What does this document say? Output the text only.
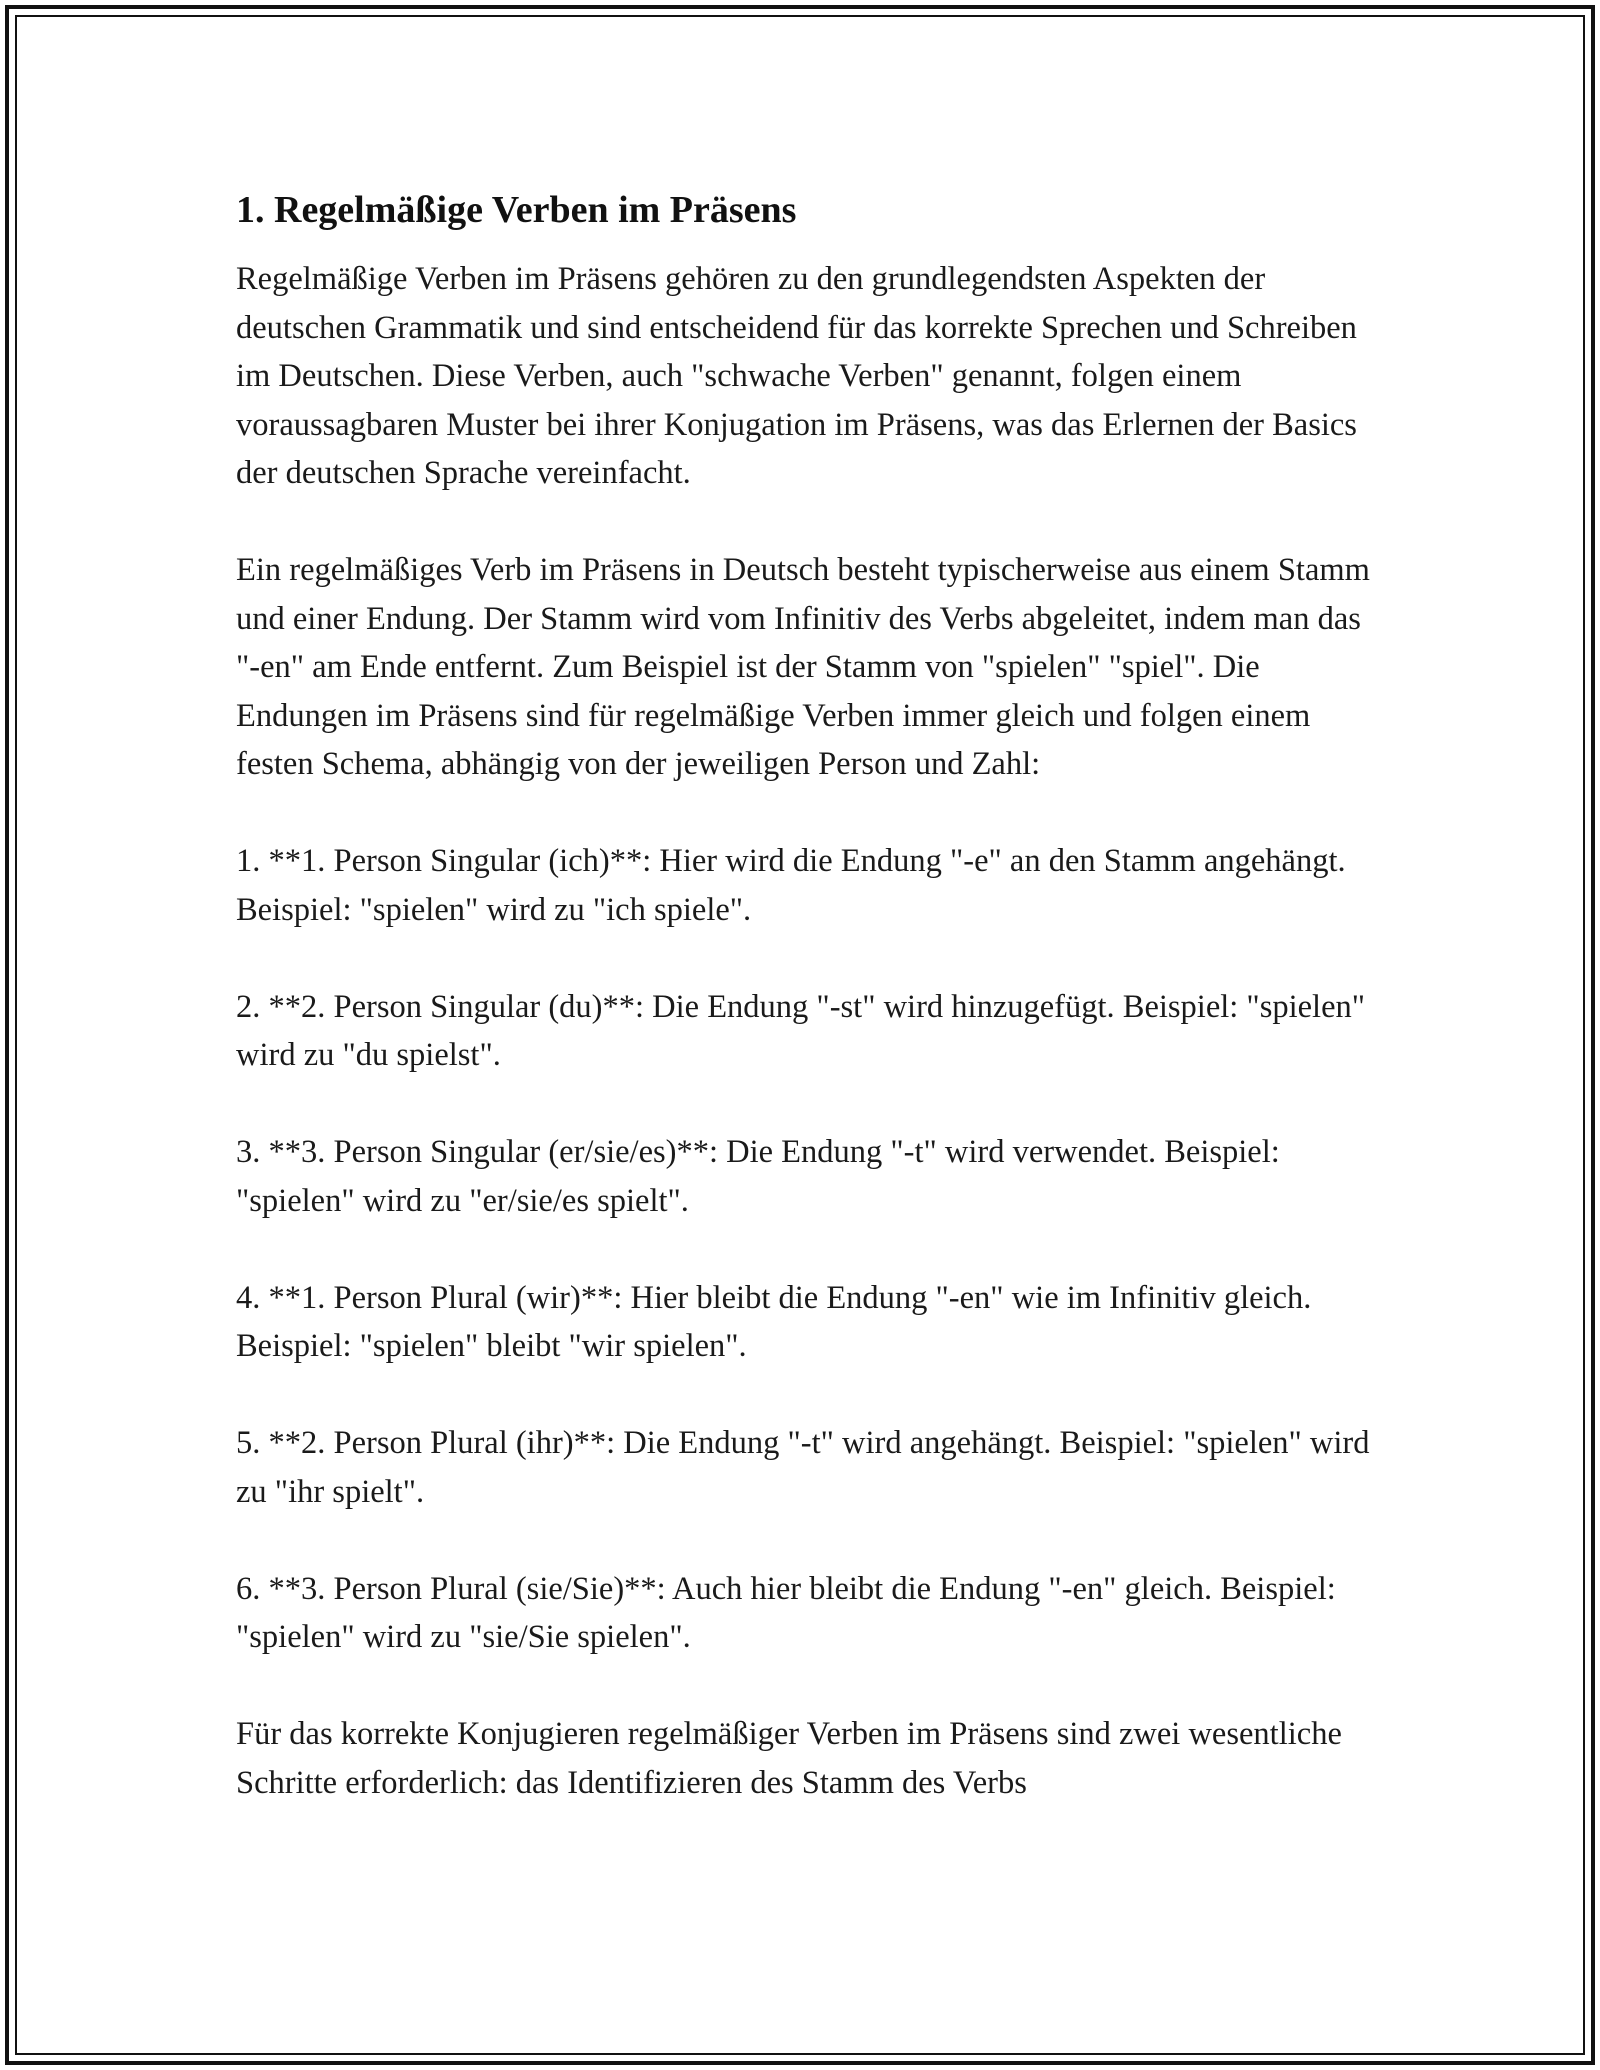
1. Regelmäßige Verben im Präsens

Regelmäßige Verben im Präsens gehören zu den grundlegendsten Aspekten der deutschen Grammatik und sind entscheidend für das korrekte Sprechen und Schreiben im Deutschen. Diese Verben, auch "schwache Verben" genannt, folgen einem voraussagbaren Muster bei ihrer Konjugation im Präsens, was das Erlernen der Basics der deutschen Sprache vereinfacht.

Ein regelmäßiges Verb im Präsens in Deutsch besteht typischerweise aus einem Stamm und einer Endung. Der Stamm wird vom Infinitiv des Verbs abgeleitet, indem man das "-en" am Ende entfernt. Zum Beispiel ist der Stamm von "spielen" "spiel". Die Endungen im Präsens sind für regelmäßige Verben immer gleich und folgen einem festen Schema, abhängig von der jeweiligen Person und Zahl:

1. **1. Person Singular (ich)**: Hier wird die Endung "-e" an den Stamm angehängt. Beispiel: "spielen" wird zu "ich spiele".

2. **2. Person Singular (du)**: Die Endung "-st" wird hinzugefügt. Beispiel: "spielen" wird zu "du spielst".

3. **3. Person Singular (er/sie/es)**: Die Endung "-t" wird verwendet. Beispiel: "spielen" wird zu "er/sie/es spielt".

4. **1. Person Plural (wir)**: Hier bleibt die Endung "-en" wie im Infinitiv gleich. Beispiel: "spielen" bleibt "wir spielen".

5. **2. Person Plural (ihr)**: Die Endung "-t" wird angehängt. Beispiel: "spielen" wird zu "ihr spielt".

6. **3. Person Plural (sie/Sie)**: Auch hier bleibt die Endung "-en" gleich. Beispiel: "spielen" wird zu "sie/Sie spielen".

Für das korrekte Konjugieren regelmäßiger Verben im Präsens sind zwei wesentliche Schritte erforderlich: das Identifizieren des Stamm des Verbs
